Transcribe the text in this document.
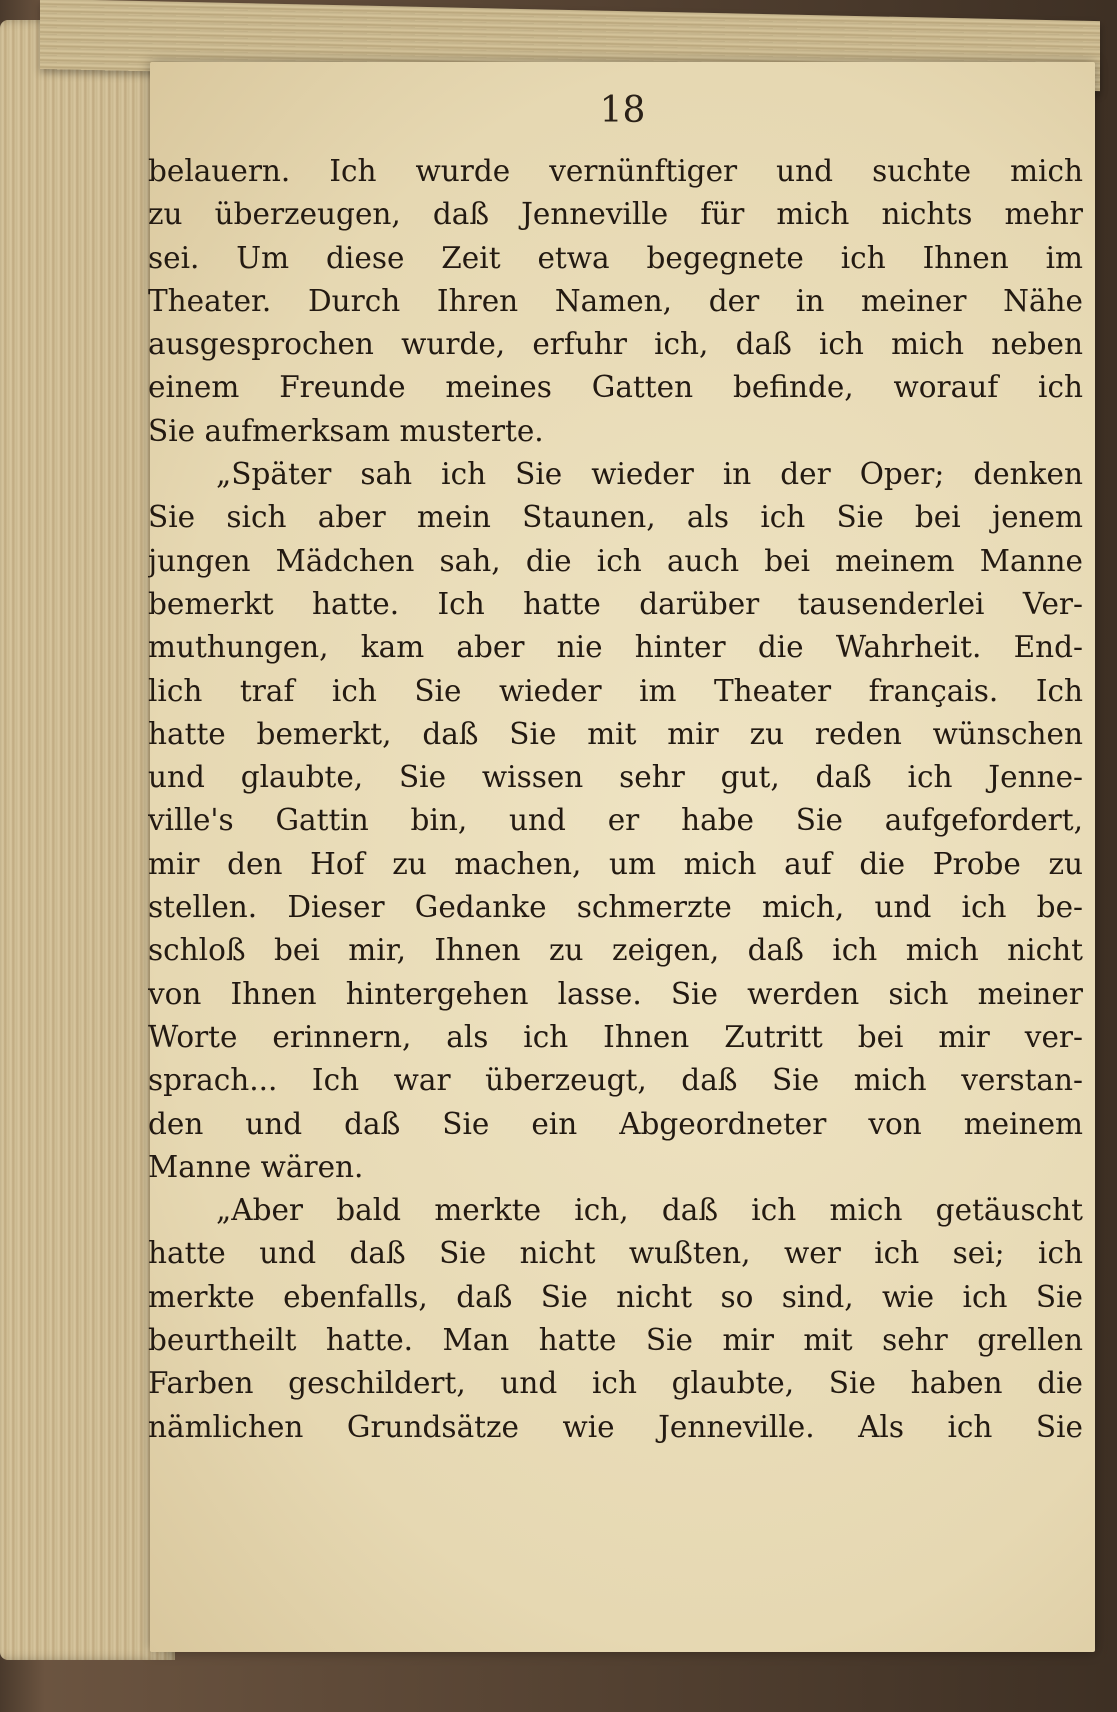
18
belauern. Ich wurde vernünftiger und suchte mich
zu überzeugen, daß Jenneville für mich nichts mehr
sei. Um diese Zeit etwa begegnete ich Ihnen im
Theater. Durch Ihren Namen, der in meiner Nähe
ausgesprochen wurde, erfuhr ich, daß ich mich neben
einem Freunde meines Gatten befinde, worauf ich
Sie aufmerksam musterte.
„Später sah ich Sie wieder in der Oper; denken
Sie sich aber mein Staunen, als ich Sie bei jenem
jungen Mädchen sah, die ich auch bei meinem Manne
bemerkt hatte. Ich hatte darüber tausenderlei Ver-
muthungen, kam aber nie hinter die Wahrheit. End-
lich traf ich Sie wieder im Theater français. Ich
hatte bemerkt, daß Sie mit mir zu reden wünschen
und glaubte, Sie wissen sehr gut, daß ich Jenne-
ville's Gattin bin, und er habe Sie aufgefordert,
mir den Hof zu machen, um mich auf die Probe zu
stellen. Dieser Gedanke schmerzte mich, und ich be-
schloß bei mir, Ihnen zu zeigen, daß ich mich nicht
von Ihnen hintergehen lasse. Sie werden sich meiner
Worte erinnern, als ich Ihnen Zutritt bei mir ver-
sprach... Ich war überzeugt, daß Sie mich verstan-
den und daß Sie ein Abgeordneter von meinem
Manne wären.
„Aber bald merkte ich, daß ich mich getäuscht
hatte und daß Sie nicht wußten, wer ich sei; ich
merkte ebenfalls, daß Sie nicht so sind, wie ich Sie
beurtheilt hatte. Man hatte Sie mir mit sehr grellen
Farben geschildert, und ich glaubte, Sie haben die
nämlichen Grundsätze wie Jenneville. Als ich Sie
